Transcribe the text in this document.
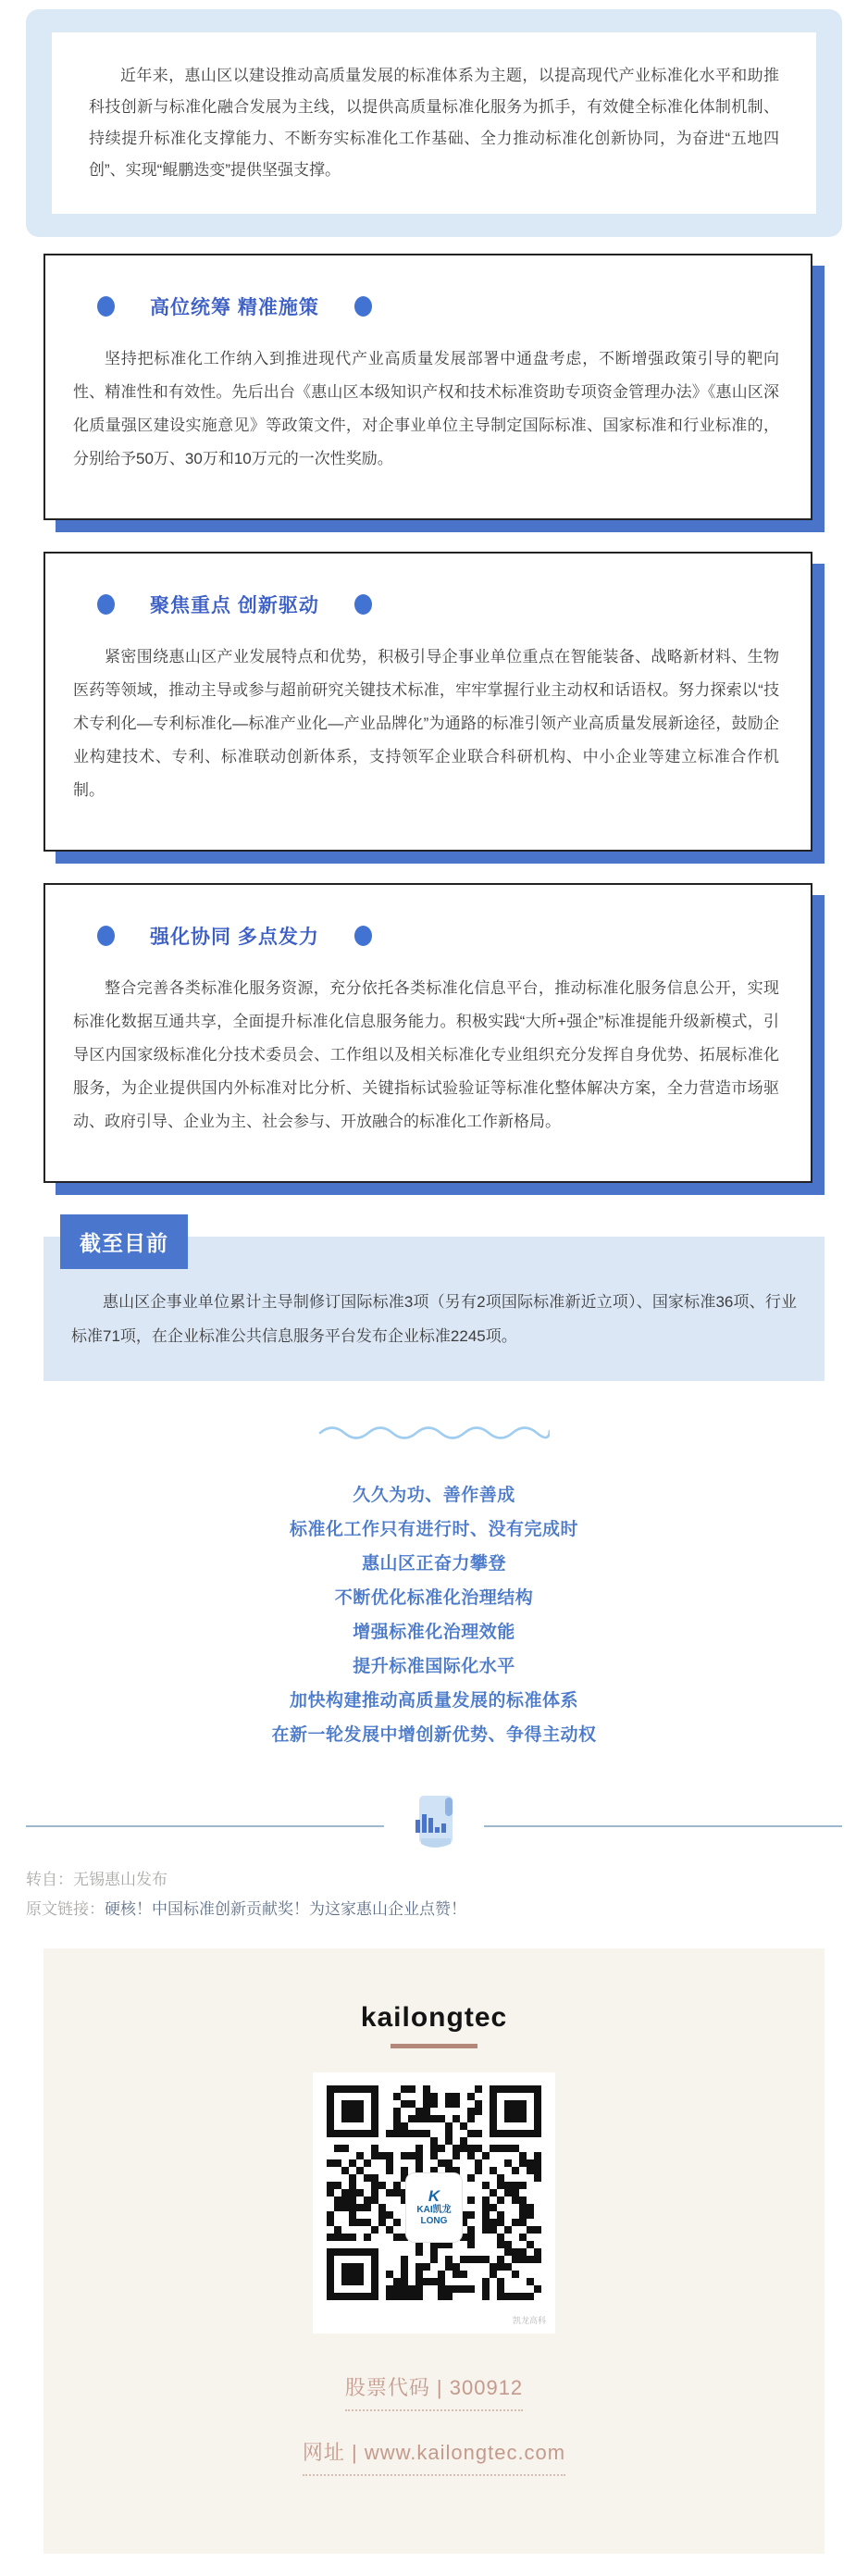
近年来，惠山区以建设推动高质量发展的标准体系为主题，以提高现代产业标准化水平和助推科技创新与标准化融合发展为主线，以提供高质量标准化服务为抓手，有效健全标准化体制机制、持续提升标准化支撑能力、不断夯实标准化工作基础、全力推动标准化创新协同，为奋进“五地四创”、实现“鲲鹏迭变”提供坚强支撑。

高位统筹 精准施策

坚持把标准化工作纳入到推进现代产业高质量发展部署中通盘考虑，不断增强政策引导的靶向性、精准性和有效性。先后出台《惠山区本级知识产权和技术标准资助专项资金管理办法》《惠山区深化质量强区建设实施意见》等政策文件，对企事业单位主导制定国际标准、国家标准和行业标准的，分别给予50万、30万和10万元的一次性奖励。

聚焦重点 创新驱动

紧密围绕惠山区产业发展特点和优势，积极引导企事业单位重点在智能装备、战略新材料、生物医药等领域，推动主导或参与超前研究关键技术标准，牢牢掌握行业主动权和话语权。努力探索以“技术专利化—专利标准化—标准产业化—产业品牌化”为通路的标准引领产业高质量发展新途径，鼓励企业构建技术、专利、标准联动创新体系，支持领军企业联合科研机构、中小企业等建立标准合作机制。

强化协同 多点发力

整合完善各类标准化服务资源，充分依托各类标准化信息平台，推动标准化服务信息公开，实现标准化数据互通共享，全面提升标准化信息服务能力。积极实践“大所+强企”标准提能升级新模式，引导区内国家级标准化分技术委员会、工作组以及相关标准化专业组织充分发挥自身优势、拓展标准化服务，为企业提供国内外标准对比分析、关键指标试验验证等标准化整体解决方案，全力营造市场驱动、政府引导、企业为主、社会参与、开放融合的标准化工作新格局。

截至目前

惠山区企事业单位累计主导制修订国际标准3项（另有2项国际标准新近立项）、国家标准36项、行业标准71项，在企业标准公共信息服务平台发布企业标准2245项。

久久为功、善作善成
标准化工作只有进行时、没有完成时
惠山区正奋力攀登
不断优化标准化治理结构
增强标准化治理效能
提升标准国际化水平
加快构建推动高质量发展的标准体系
在新一轮发展中增创新优势、争得主动权
转自：无锡惠山发布
原文链接：硬核！中国标准创新贡献奖！为这家惠山企业点赞！
kailongtec
K
KAI凯龙
LONG
凯龙高科
股票代码 | 300912
网址 | www.kailongtec.com
